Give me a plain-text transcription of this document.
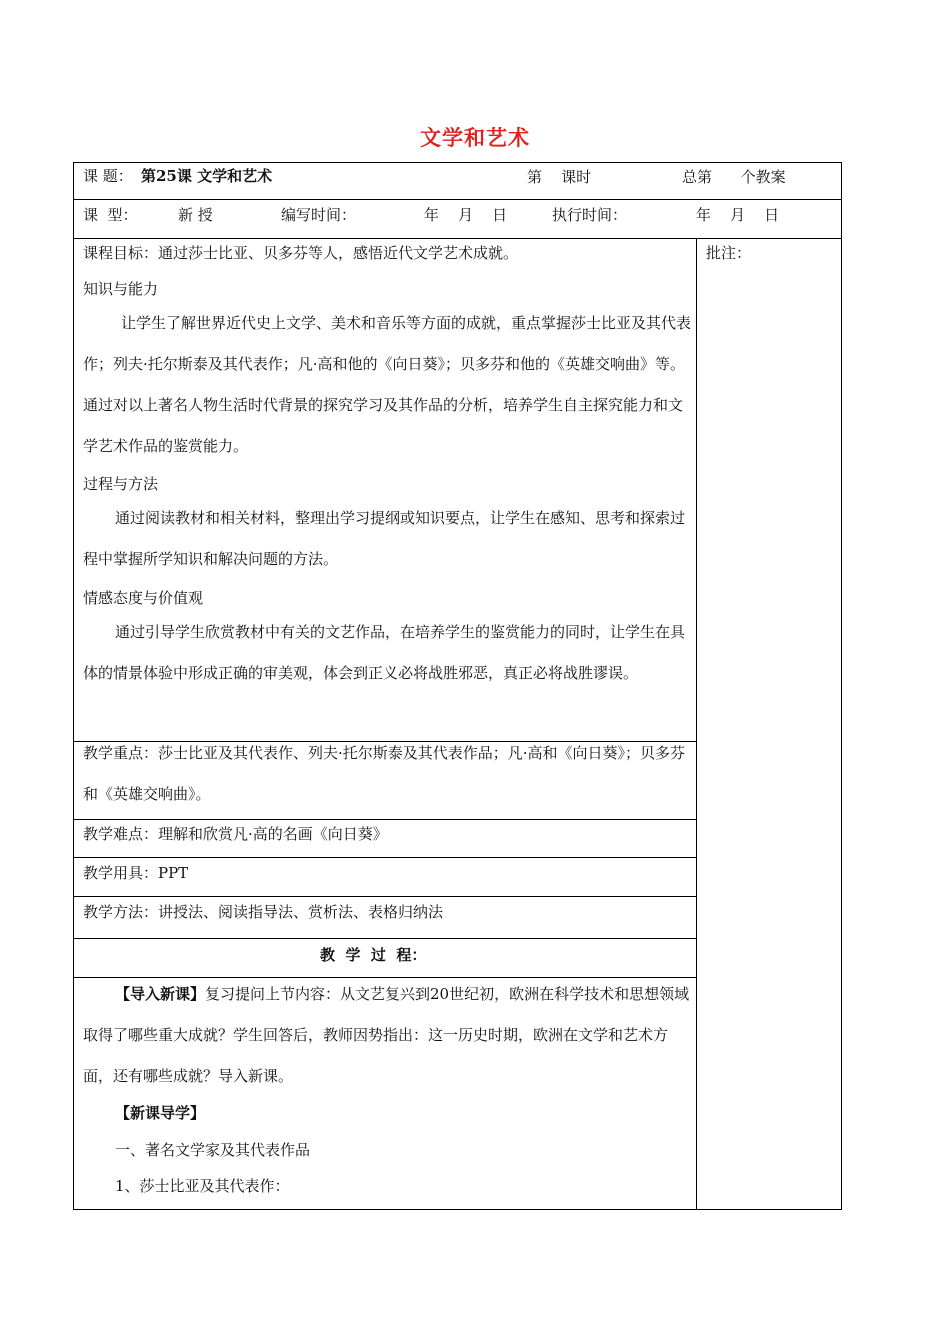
文学和艺术
课 题： 第25课 文学和艺术	第    课时	总第      个教案
课  型：	新 授	编写时间：	年    月    日	执行时间：	年    月    日
批注：
课程目标：通过莎士比亚、贝多芬等人，感悟近代文学艺术成就。
知识与能力
让学生了解世界近代史上文学、美术和音乐等方面的成就，重点掌握莎士比亚及其代表作；列夫·托尔斯泰及其代表作；凡·高和他的《向日葵》；贝多芬和他的《英雄交响曲》等。通过对以上著名人物生活时代背景的探究学习及其作品的分析，培养学生自主探究能力和文学艺术作品的鉴赏能力。
过程与方法
通过阅读教材和相关材料，整理出学习提纲或知识要点，让学生在感知、思考和探索过程中掌握所学知识和解决问题的方法。
情感态度与价值观
通过引导学生欣赏教材中有关的文艺作品，在培养学生的鉴赏能力的同时，让学生在具体的情景体验中形成正确的审美观，体会到正义必将战胜邪恶，真正必将战胜谬误。
教学重点：莎士比亚及其代表作、列夫·托尔斯泰及其代表作品；凡·高和《向日葵》；贝多芬和《英雄交响曲》。
教学难点：理解和欣赏凡·高的名画《向日葵》
教学用具：PPT
教学方法：讲授法、阅读指导法、赏析法、表格归纳法
教  学  过  程：
【导入新课】复习提问上节内容：从文艺复兴到20世纪初，欧洲在科学技术和思想领域取得了哪些重大成就？学生回答后，教师因势指出：这一历史时期，欧洲在文学和艺术方面，还有哪些成就？导入新课。
【新课导学】
一、著名文学家及其代表作品
1、莎士比亚及其代表作：
